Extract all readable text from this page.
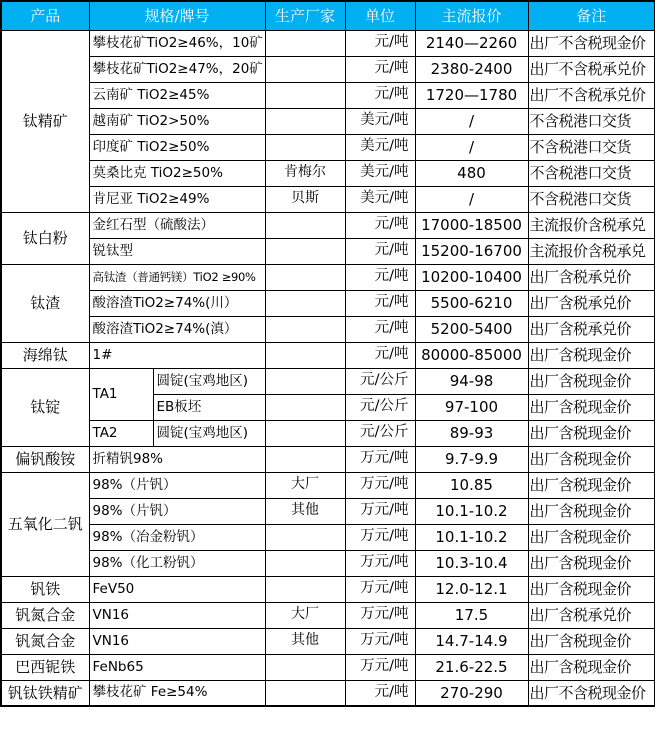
产品	规格/牌号		生产厂家	单位	主流报价	备注
钛精矿	攀枝花矿TiO2≥46%，10矿			元/吨	2140—2260	出厂不含税现金价
	攀枝花矿TiO2≥47%，20矿			元/吨	2380-2400	出厂不含税承兑价
	云南矿 TiO2≥45%			元/吨	1720—1780	出厂不含税承兑价
	越南矿 TiO2>50%			美元/吨	/	不含税港口交货
	印度矿 TiO2≥50%			美元/吨	/	不含税港口交货
	莫桑比克 TiO2≥50%		肯梅尔	美元/吨	480	不含税港口交货
	肯尼亚 TiO2≥49%		贝斯	美元/吨	/	不含税港口交货
钛白粉	金红石型（硫酸法）			元/吨	17000-18500	主流报价含税承兑
	锐钛型			元/吨	15200-16700	主流报价含税承兑
钛渣	高钛渣（普通钙镁）TiO2 ≥90%			元/吨	10200-10400	出厂含税承兑价
	酸溶渣TiO2≥74%(川）			元/吨	5500-6210	出厂含税承兑价
	酸溶渣TiO2≥74%(滇）			元/吨	5200-5400	出厂含税承兑价
海绵钛	1#			元/吨	80000-85000	出厂含税现金价
钛锭	TA1	圆锭(宝鸡地区)		元/公斤	94-98	出厂含税现金价
		EB板坯		元/公斤	97-100	出厂含税现金价
	TA2	圆锭(宝鸡地区)		元/公斤	89-93	出厂含税现金价
偏钒酸铵	折精钒98%			万元/吨	9.7-9.9	出厂含税现金价
五氧化二钒	98%（片钒）		大厂	万元/吨	10.85	出厂含税现金价
	98%（片钒）		其他	万元/吨	10.1-10.2	出厂含税现金价
	98%（冶金粉钒）			万元/吨	10.1-10.2	出厂含税现金价
	98%（化工粉钒）			万元/吨	10.3-10.4	出厂含税现金价
钒铁	FeV50			万元/吨	12.0-12.1	出厂含税现金价
钒氮合金	VN16		大厂	万元/吨	17.5	出厂含税承兑价
钒氮合金	VN16		其他	万元/吨	14.7-14.9	出厂含税现金价
巴西铌铁	FeNb65			万元/吨	21.6-22.5	出厂含税现金价
钒钛铁精矿	攀枝花矿 Fe≥54%			元/吨	270-290	出厂不含税现金价
